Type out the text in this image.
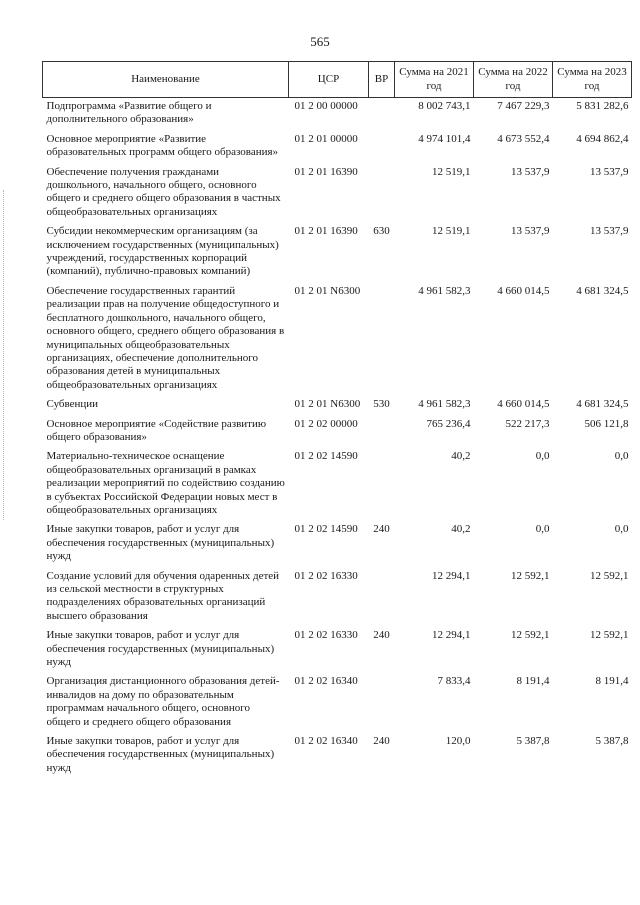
565
Наименование	ЦСР	ВР	Сумма на 2021 год	Сумма на 2022 год	Сумма на 2023 год
Подпрограмма «Развитие общего и дополнительного образования»	01 2 00 00000		8 002 743,1	7 467 229,3	5 831 282,6
Основное мероприятие «Развитие образовательных программ общего образования»	01 2 01 00000		4 974 101,4	4 673 552,4	4 694 862,4
Обеспечение получения гражданами дошкольного, начального общего, основного общего и среднего общего образования в частных общеобразовательных организациях	01 2 01 16390		12 519,1	13 537,9	13 537,9
Субсидии некоммерческим организациям (за исключением государственных (муниципальных) учреждений, государственных корпораций (компаний), публично-правовых компаний)	01 2 01 16390	630	12 519,1	13 537,9	13 537,9
Обеспечение государственных гарантий реализации прав на получение общедоступного и бесплатного дошкольного, начального общего, основного общего, среднего общего образования в муниципальных общеобразовательных организациях, обеспечение дополнительного образования детей в муниципальных общеобразовательных организациях	01 2 01 N6300		4 961 582,3	4 660 014,5	4 681 324,5
Субвенции	01 2 01 N6300	530	4 961 582,3	4 660 014,5	4 681 324,5
Основное мероприятие «Содействие развитию общего образования»	01 2 02 00000		765 236,4	522 217,3	506 121,8
Материально-техническое оснащение общеобразовательных организаций в рамках реализации мероприятий по содействию созданию в субъектах Российской Федерации новых мест в общеобразовательных организациях	01 2 02 14590		40,2	0,0	0,0
Иные закупки товаров, работ и услуг для обеспечения государственных (муниципальных) нужд	01 2 02 14590	240	40,2	0,0	0,0
Создание условий для обучения одаренных детей из сельской местности в структурных подразделениях образовательных организаций высшего образования	01 2 02 16330		12 294,1	12 592,1	12 592,1
Иные закупки товаров, работ и услуг для обеспечения государственных (муниципальных) нужд	01 2 02 16330	240	12 294,1	12 592,1	12 592,1
Организация дистанционного образования детей-инвалидов на дому по образовательным программам начального общего, основного общего и среднего общего образования	01 2 02 16340		7 833,4	8 191,4	8 191,4
Иные закупки товаров, работ и услуг для обеспечения государственных (муниципальных) нужд	01 2 02 16340	240	120,0	5 387,8	5 387,8
